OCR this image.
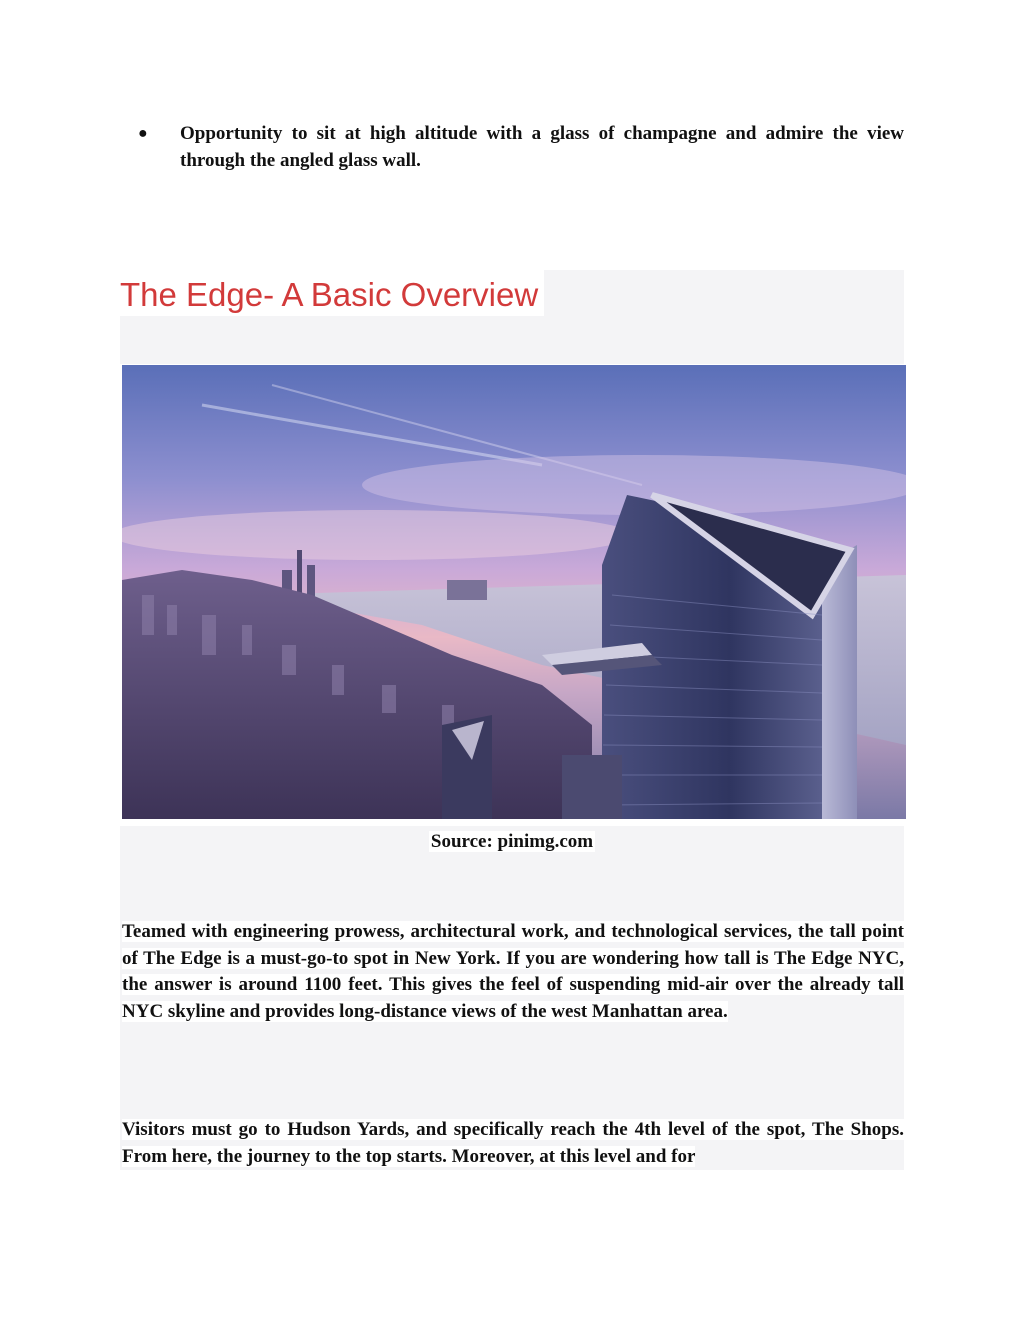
● Opportunity to sit at high altitude with a glass of champagne and admire the view through the angled glass wall.
The Edge- A Basic Overview
Source: pinimg.com

Teamed with engineering prowess, architectural work, and technological services, the tall point of The Edge is a must-go-to spot in New York. If you are wondering how tall is The Edge NYC, the answer is around 1100 feet. This gives the feel of suspending mid-air over the already tall NYC skyline and provides long-distance views of the west Manhattan area.

Visitors must go to Hudson Yards, and specifically reach the 4th level of the spot, The Shops. From here, the journey to the top starts. Moreover, at this level and for
